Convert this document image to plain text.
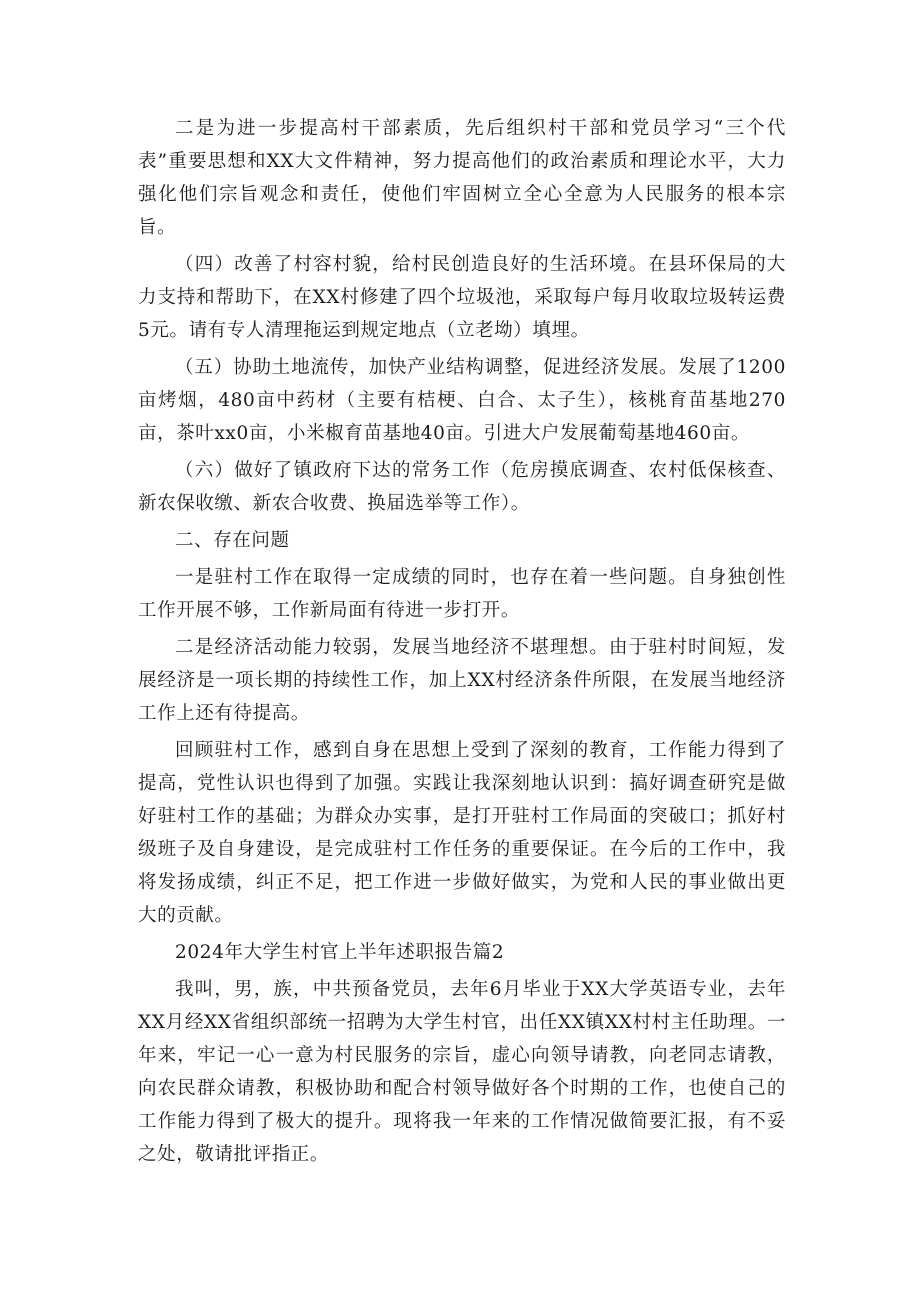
二是为进一步提高村干部素质，先后组织村干部和党员学习“三个代表”重要思想和XX大文件精神，努力提高他们的政治素质和理论水平，大力强化他们宗旨观念和责任，使他们牢固树立全心全意为人民服务的根本宗旨。

（四）改善了村容村貌，给村民创造良好的生活环境。在县环保局的大力支持和帮助下，在XX村修建了四个垃圾池，采取每户每月收取垃圾转运费5元。请有专人清理拖运到规定地点（立老坳）填埋。

（五）协助土地流传，加快产业结构调整，促进经济发展。发展了1200亩烤烟，480亩中药材（主要有桔梗、白合、太子生），核桃育苗基地270亩，茶叶xx0亩，小米椒育苗基地40亩。引进大户发展葡萄基地460亩。

（六）做好了镇政府下达的常务工作（危房摸底调查、农村低保核查、新农保收缴、新农合收费、换届选举等工作）。

二、存在问题

一是驻村工作在取得一定成绩的同时，也存在着一些问题。自身独创性工作开展不够，工作新局面有待进一步打开。

二是经济活动能力较弱，发展当地经济不堪理想。由于驻村时间短，发展经济是一项长期的持续性工作，加上XX村经济条件所限，在发展当地经济工作上还有待提高。

回顾驻村工作，感到自身在思想上受到了深刻的教育，工作能力得到了提高，党性认识也得到了加强。实践让我深刻地认识到：搞好调查研究是做好驻村工作的基础；为群众办实事，是打开驻村工作局面的突破口；抓好村级班子及自身建设，是完成驻村工作任务的重要保证。在今后的工作中，我将发扬成绩，纠正不足，把工作进一步做好做实，为党和人民的事业做出更大的贡献。

2024年大学生村官上半年述职报告篇2

我叫，男，族，中共预备党员，去年6月毕业于XX大学英语专业，去年XX月经XX省组织部统一招聘为大学生村官，出任XX镇XX村村主任助理。一年来，牢记一心一意为村民服务的宗旨，虚心向领导请教，向老同志请教，向农民群众请教，积极协助和配合村领导做好各个时期的工作，也使自己的工作能力得到了极大的提升。现将我一年来的工作情况做简要汇报，有不妥之处，敬请批评指正。
